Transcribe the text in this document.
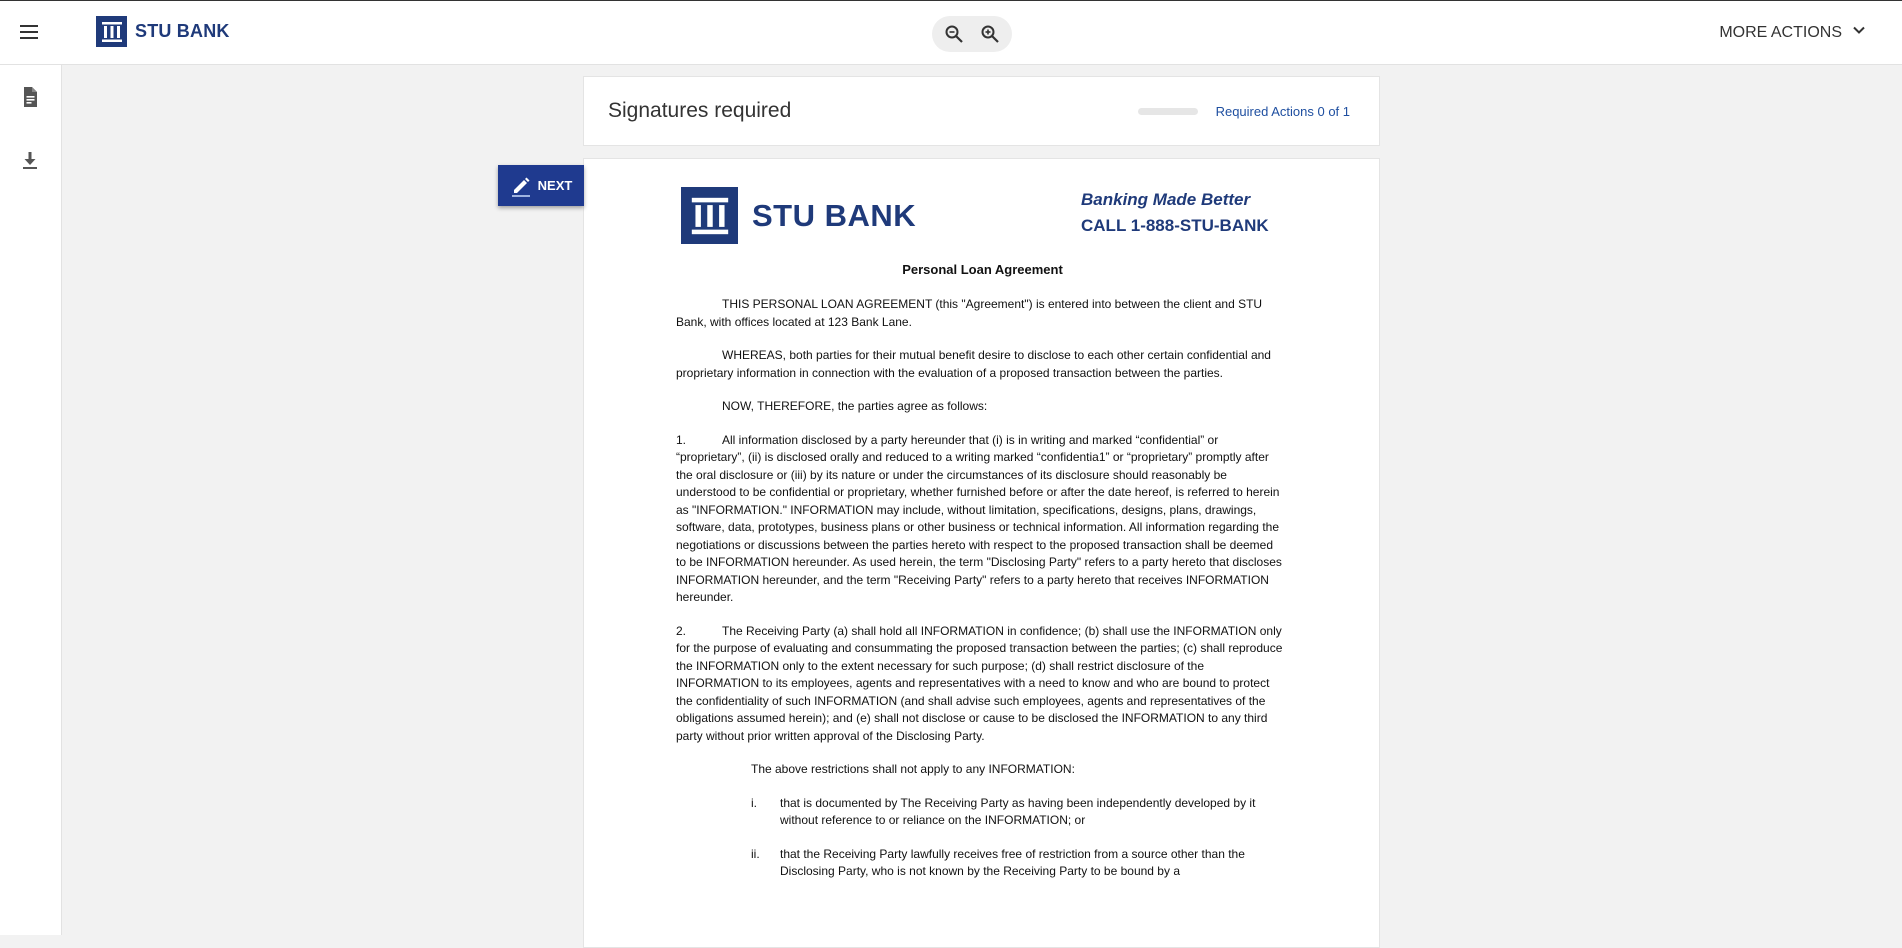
STU BANK	MORE ACTIONS
Signatures required	Required Actions 0 of 1
STU BANK	Banking Made Better
CALL 1-888-STU-BANK
Personal Loan Agreement

THIS PERSONAL LOAN AGREEMENT (this "Agreement") is entered into between the client and STU Bank, with offices located at 123 Bank Lane.

WHEREAS, both parties for their mutual benefit desire to disclose to each other certain confidential and proprietary information in connection with the evaluation of a proposed transaction between the parties.

NOW, THEREFORE, the parties agree as follows:

1.	All information disclosed by a party hereunder that (i) is in writing and marked “confidential” or “proprietary”, (ii) is disclosed orally and reduced to a writing marked “confidentia1” or “proprietary” promptly after the oral disclosure or (iii) by its nature or under the circumstances of its disclosure should reasonably be understood to be confidential or proprietary, whether furnished before or after the date hereof, is referred to herein as "INFORMATION." INFORMATION may include, without limitation, specifications, designs, plans, drawings, software, data, prototypes, business plans or other business or technical information. All information regarding the negotiations or discussions between the parties hereto with respect to the proposed transaction shall be deemed to be INFORMATION hereunder. As used herein, the term "Disclosing Party" refers to a party hereto that discloses INFORMATION hereunder, and the term "Receiving Party" refers to a party hereto that receives INFORMATION hereunder.

2.	The Receiving Party (a) shall hold all INFORMATION in confidence; (b) shall use the INFORMATION only for the purpose of evaluating and consummating the proposed transaction between the parties; (c) shall reproduce the INFORMATION only to the extent necessary for such purpose; (d) shall restrict disclosure of the INFORMATION to its employees, agents and representatives with a need to know and who are bound to protect the confidentiality of such INFORMATION (and shall advise such employees, agents and representatives of the obligations assumed herein); and (e) shall not disclose or cause to be disclosed the INFORMATION to any third party without prior written approval of the Disclosing Party.

The above restrictions shall not apply to any INFORMATION:

i.	that is documented by The Receiving Party as having been independently developed by it without reference to or reliance on the INFORMATION; or
ii.	that the Receiving Party lawfully receives free of restriction from a source other than the Disclosing Party, who is not known by the Receiving Party to be bound by a
NEXT
